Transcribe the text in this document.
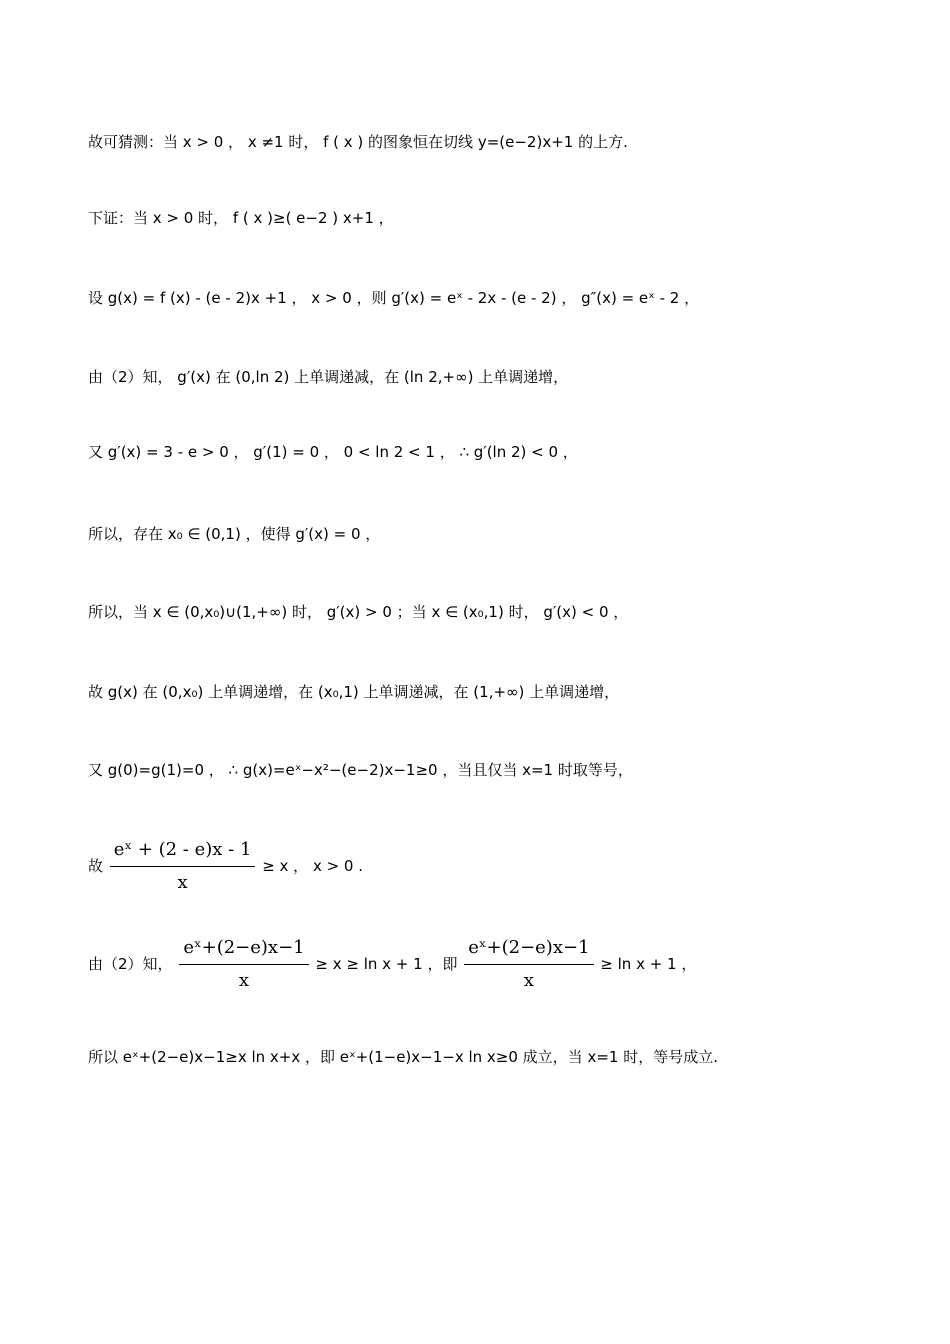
故可猜测：当 x > 0 ， x ≠1 时， f ( x ) 的图象恒在切线 y=(e−2)x+1 的上方.
下证：当 x > 0 时， f ( x )≥( e−2 ) x+1 ，
设 g(x) = f (x) - (e - 2)x +1 ， x > 0 ，则 g′(x) = eˣ - 2x - (e - 2) ， g″(x) = eˣ - 2 ，
由（2）知， g′(x) 在 (0,ln 2) 上单调递减，在 (ln 2,+∞) 上单调递增，
又 g′(x) = 3 - e > 0 ， g′(1) = 0 ， 0 < ln 2 < 1 ， ∴ g′(ln 2) < 0 ，
所以，存在 x₀ ∈ (0,1) ，使得 g′(x) = 0 ，
所以，当 x ∈ (0,x₀)∪(1,+∞) 时， g′(x) > 0 ；当 x ∈ (x₀,1) 时， g′(x) < 0 ，
故 g(x) 在 (0,x₀) 上单调递增，在 (x₀,1) 上单调递减，在 (1,+∞) 上单调递增，
又 g(0)=g(1)=0 ， ∴ g(x)=eˣ−x²−(e−2)x−1≥0 ，当且仅当 x=1 时取等号，
故 $\frac{\text{eˣ + (2 - e)x - 1}}{x} \ge x$ ， x > 0 .
由（2）知， $\frac{\text{eˣ+(2−e)x−1}}{x} \ge x \ge \ln x + 1$ ，即 $\frac{\text{eˣ+(2−e)x−1}}{x} \ge \ln x + 1$ ，
所以 eˣ+(2−e)x−1≥x ln x+x ，即 eˣ+(1−e)x−1−x ln x≥0 成立，当 x=1 时，等号成立.
